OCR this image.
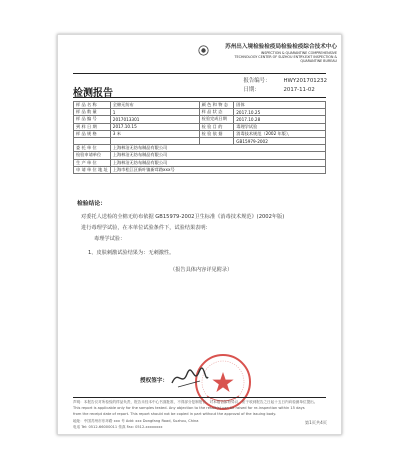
苏州出入境检验检疫局检验检疫综合技术中心
INSPECTION & QUARANTINE COMPREHENSIVE
TECHNOLOGY CENTER OF SUZHOU ENTRY-EXIT INSPECTION & QUARANTINE BUREAU
检测报告
报告编号： HWY201701232
日期：	2017-11-02
样 品 名 称	全棉无纺布	颜 色 和 物 态	固体
样 品 数 量	1	样 品 状 态	2017.10.25
样 品 编 号	2017013301	检验完成日期	2017.10.28
到 样 日 期	2017.10.15	检 验 目 的	毒理学试验
样 品 规 格	3 米	检 验 依 据	消毒技术规范（2002 年版），
			GB15979-2002
委 托 单 位	上海林洁无纺布制品有限公司		
检验申请单位	上海林洁无纺布制品有限公司		
生 产 单 位	上海林洁无纺布制品有限公司		
申 请 单 位 地 址	上海市松江区新叶镇新茸路xxx号		
检验结论：
对委托人送检的全棉无纺布依据 GB15979-2002卫生标准《消毒技术规范》(2002年版)
进行毒理学试验，在本单位试验条件下，试验结果表明：
毒理学试验：
1、皮肤刺激试验结果为：无刺激性。
（报告具体内容详见附录）
授权签字：
声明：本报告仅对所检验的样品负责，报告未经本中心书面批准，不得部分复制报告。对本报告如有异议，应于收到报告之日起十五日内向检测单位提出。
This report is applicable only for the samples tested. Any objection to the result(s) can be raised for re-inspection within 15 days
from the receipt date of report. This report should not be copied in part without the approval of the issuing body.
地址：中国苏州市东环路 xxx 号 Add: xxx Dongfang Road, Suzhou, China
电话 Tel: 0512-66000011 传真 Fax: 0512-xxxxxxxx
第1页共4页
